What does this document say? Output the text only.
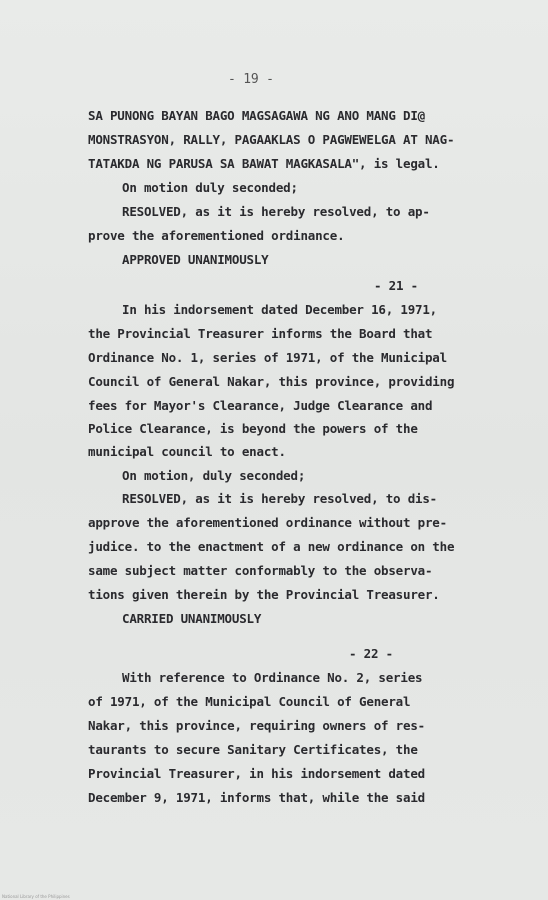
- 19 -
SA PUNONG BAYAN BAGO MAGSAGAWA NG ANO MANG DI@
MONSTRASYON, RALLY, PAGAAKLAS O PAGWEWELGA AT NAG-
TATAKDA NG PARUSA SA BAWAT MAGKASALA", is legal.
On motion duly seconded;
RESOLVED, as it is hereby resolved, to ap-
prove the aforementioned ordinance.
APPROVED UNANIMOUSLY
- 21 -
In his indorsement dated December 16, 1971,
the Provincial Treasurer informs the Board that
Ordinance No. 1, series of 1971, of the Municipal
Council of General Nakar, this province, providing
fees for Mayor's Clearance, Judge Clearance and
Police Clearance, is beyond the powers of the
municipal council to enact.
On motion, duly seconded;
RESOLVED, as it is hereby resolved, to dis-
approve the aforementioned ordinance without pre-
judice. to the enactment of a new ordinance on the
same subject matter conformably to the observa-
tions given therein by the Provincial Treasurer.
CARRIED UNANIMOUSLY
- 22 -
With reference to Ordinance No. 2, series
of 1971, of the Municipal Council of General
Nakar, this province, requiring owners of res-
taurants to secure Sanitary Certificates, the
Provincial Treasurer, in his indorsement dated
December 9, 1971, informs that, while the said
National Library of the Philippines
